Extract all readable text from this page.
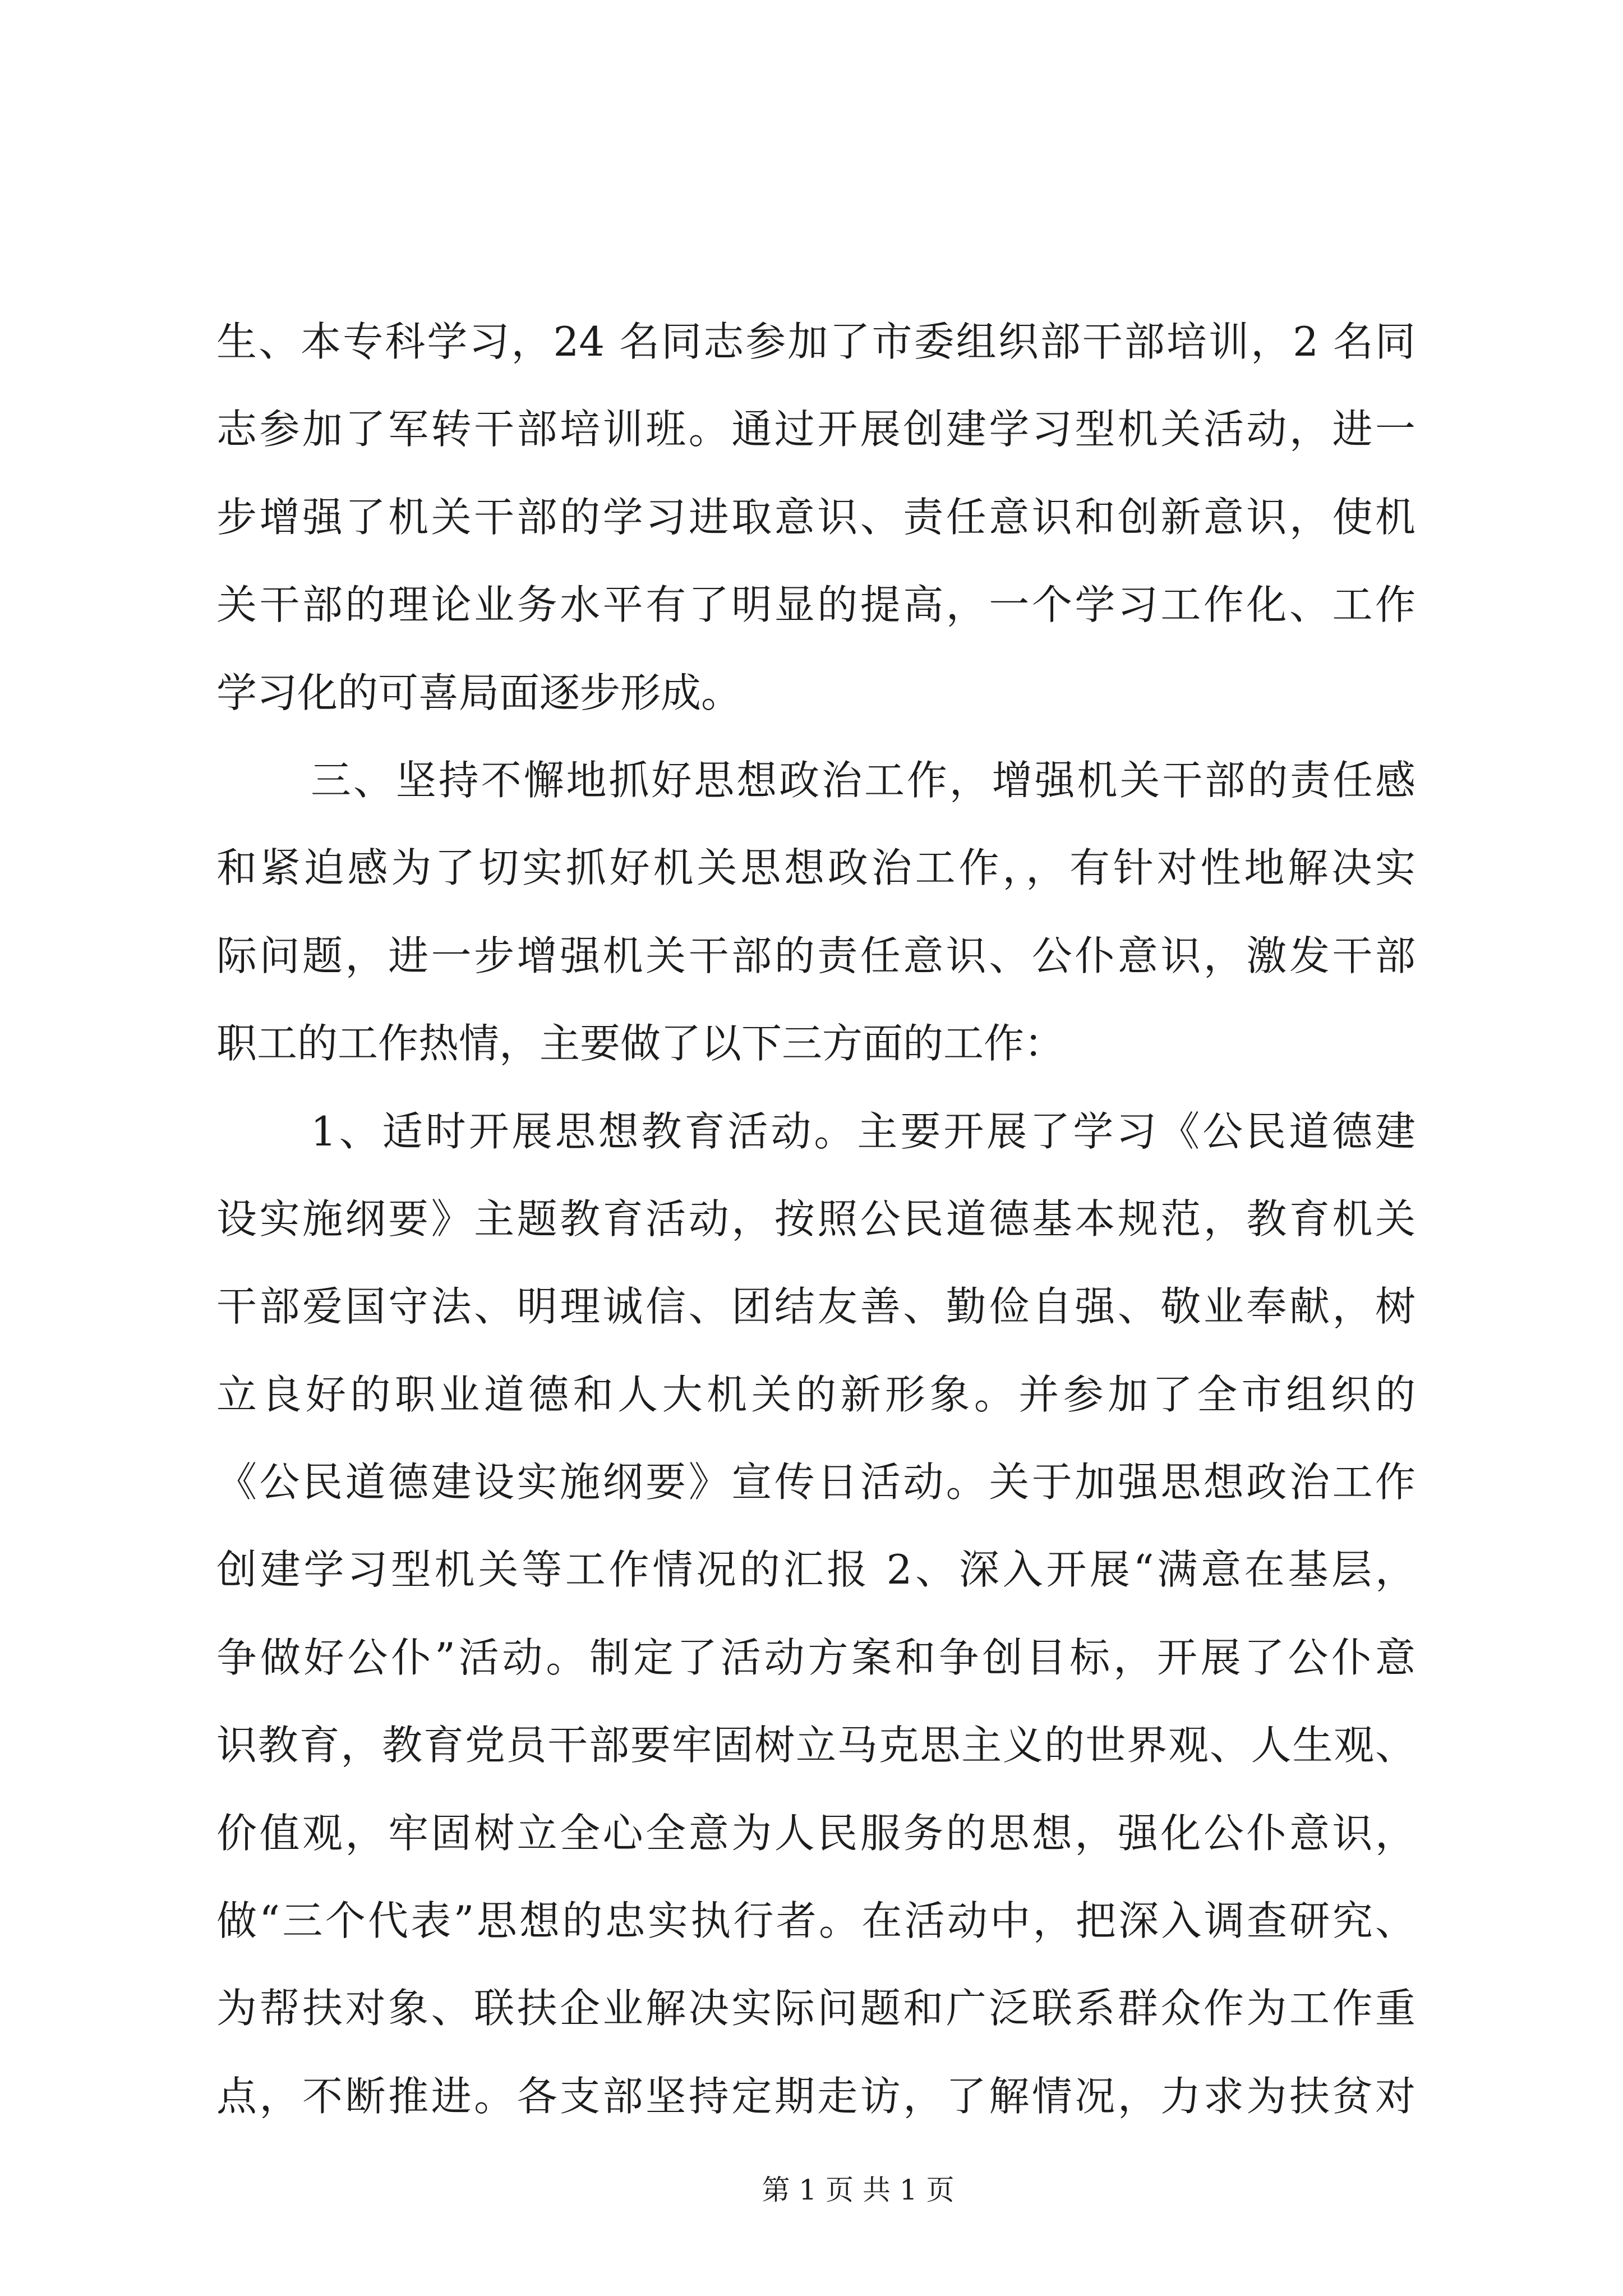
生、本专科学习，24 名同志参加了市委组织部干部培训，2 名同
志参加了军转干部培训班。通过开展创建学习型机关活动，进一
步增强了机关干部的学习进取意识、责任意识和创新意识，使机
关干部的理论业务水平有了明显的提高，一个学习工作化、工作
学习化的可喜局面逐步形成。
三、坚持不懈地抓好思想政治工作，增强机关干部的责任感
和紧迫感为了切实抓好机关思想政治工作，，有针对性地解决实
际问题，进一步增强机关干部的责任意识、公仆意识，激发干部
职工的工作热情，主要做了以下三方面的工作：
1、适时开展思想教育活动。主要开展了学习《公民道德建
设实施纲要》主题教育活动，按照公民道德基本规范，教育机关
干部爱国守法、明理诚信、团结友善、勤俭自强、敬业奉献，树
立良好的职业道德和人大机关的新形象。并参加了全市组织的
《公民道德建设实施纲要》宣传日活动。关于加强思想政治工作
创建学习型机关等工作情况的汇报 2、深入开展“满意在基层，
争做好公仆”活动。制定了活动方案和争创目标，开展了公仆意
识教育，教育党员干部要牢固树立马克思主义的世界观、人生观、
价值观，牢固树立全心全意为人民服务的思想，强化公仆意识，
做“三个代表”思想的忠实执行者。在活动中，把深入调查研究、
为帮扶对象、联扶企业解决实际问题和广泛联系群众作为工作重
点，不断推进。各支部坚持定期走访，了解情况，力求为扶贫对
第 1 页 共 1 页
